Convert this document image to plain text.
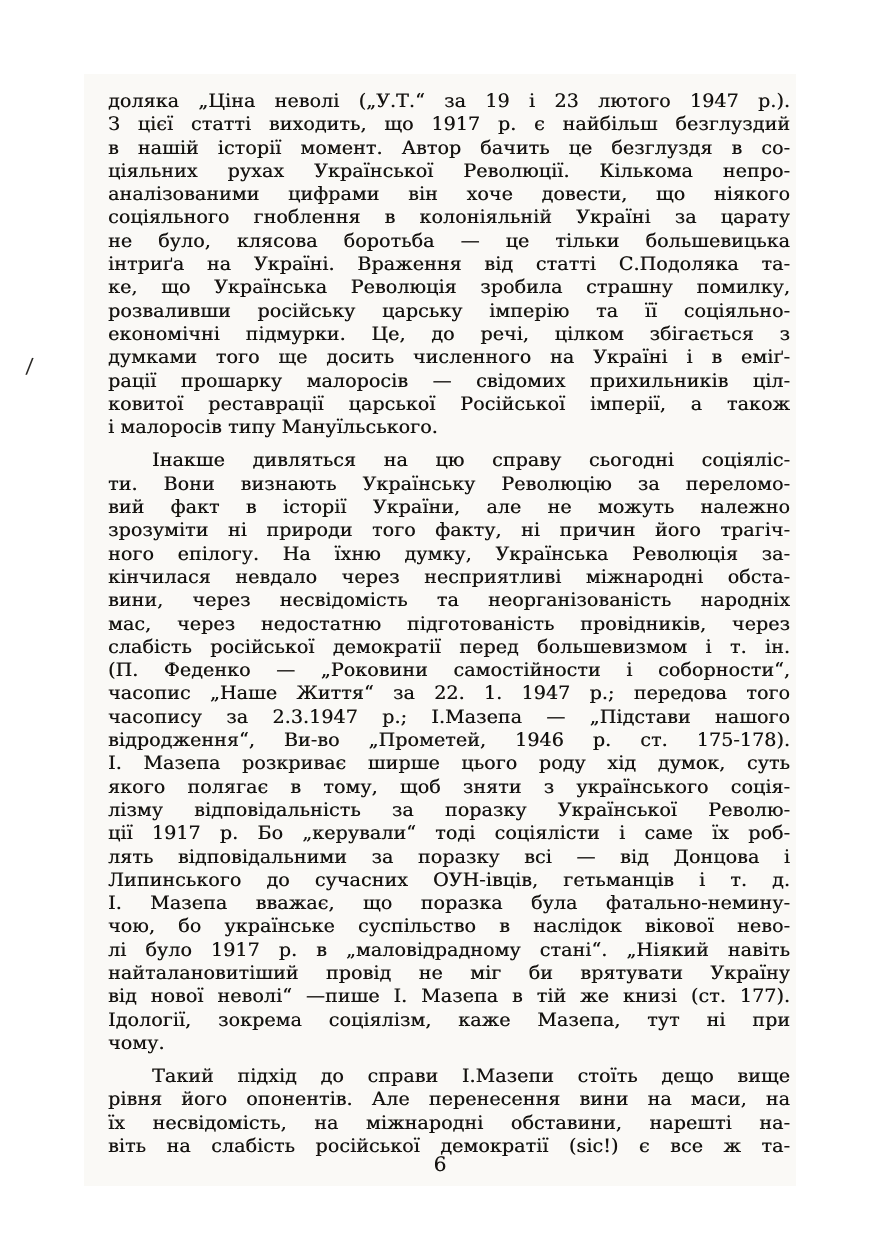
/
доляка „Ціна неволі („У.Т.“ за 19 і 23 лютого 1947 р.).
З цієї статті виходить, що 1917 р. є найбільш безглуздий
в нашій історії момент. Автор бачить це безглуздя в со-
ціяльних рухах Української Революції. Кількома непро-
аналізованими цифрами він хоче довести, що ніякого
соціяльного гноблення в колоніяльній Україні за царату
не було, клясова боротьба — це тільки большевицька
інтриґа на Україні. Враження від статті С.Подоляка та-
ке, що Українська Революція зробила страшну помилку,
розваливши російську царську імперію та її соціяльно-
економічні підмурки. Це, до речі, цілком збігається з
думками того ще досить численного на Україні і в еміґ-
рації прошарку малоросів — свідомих прихильників ціл-
ковитої реставрації царської Російської імперії, а також
і малоросів типу Мануїльського.
Інакше дивляться на цю справу сьогодні соціяліс-
ти. Вони визнають Українську Революцію за переломо-
вий факт в історії України, але не можуть належно
зрозуміти ні природи того факту, ні причин його трагіч-
ного епілогу. На їхню думку, Українська Революція за-
кінчилася невдало через несприятливі міжнародні обста-
вини, через несвідомість та неорганізованість народніх
мас, через недостатню підготованість провідників, через
слабість російської демократії перед большевизмом і т. ін.
(П. Феденко — „Роковини самостійности і соборности“,
часопис „Наше Життя“ за 22. 1. 1947 р.; передова того
часопису за 2.3.1947 р.; І.Мазепа — „Підстави нашого
відродження“, Ви-во „Прометей, 1946 р. ст. 175-178).
І. Мазепа розкриває ширше цього роду хід думок, суть
якого полягає в тому, щоб зняти з українського соція-
лізму відповідальність за поразку Української Револю-
ції 1917 р. Бо „керували“ тоді соціялісти і саме їх роб-
лять відповідальними за поразку всі — від Донцова і
Липинського до сучасних ОУН-івців, гетьманців і т. д.
І. Мазепа вважає, що поразка була фатально-немину-
чою, бо українське суспільство в наслідок вікової нево-
лі було 1917 р. в „маловідрадному стані“. „Ніякий навіть
найталановитіший провід не міг би врятувати Україну
від нової неволі“ —пише І. Мазепа в тій же книзі (ст. 177).
Ідології, зокрема соціялізм, каже Мазепа, тут ні при
чому.
Такий підхід до справи І.Мазепи стоїть дещо вище
рівня його опонентів. Але перенесення вини на маси, на
їх несвідомість, на міжнародні обставини, нарешті на-
віть на слабість російської демократії (sic!) є все ж та-
6
